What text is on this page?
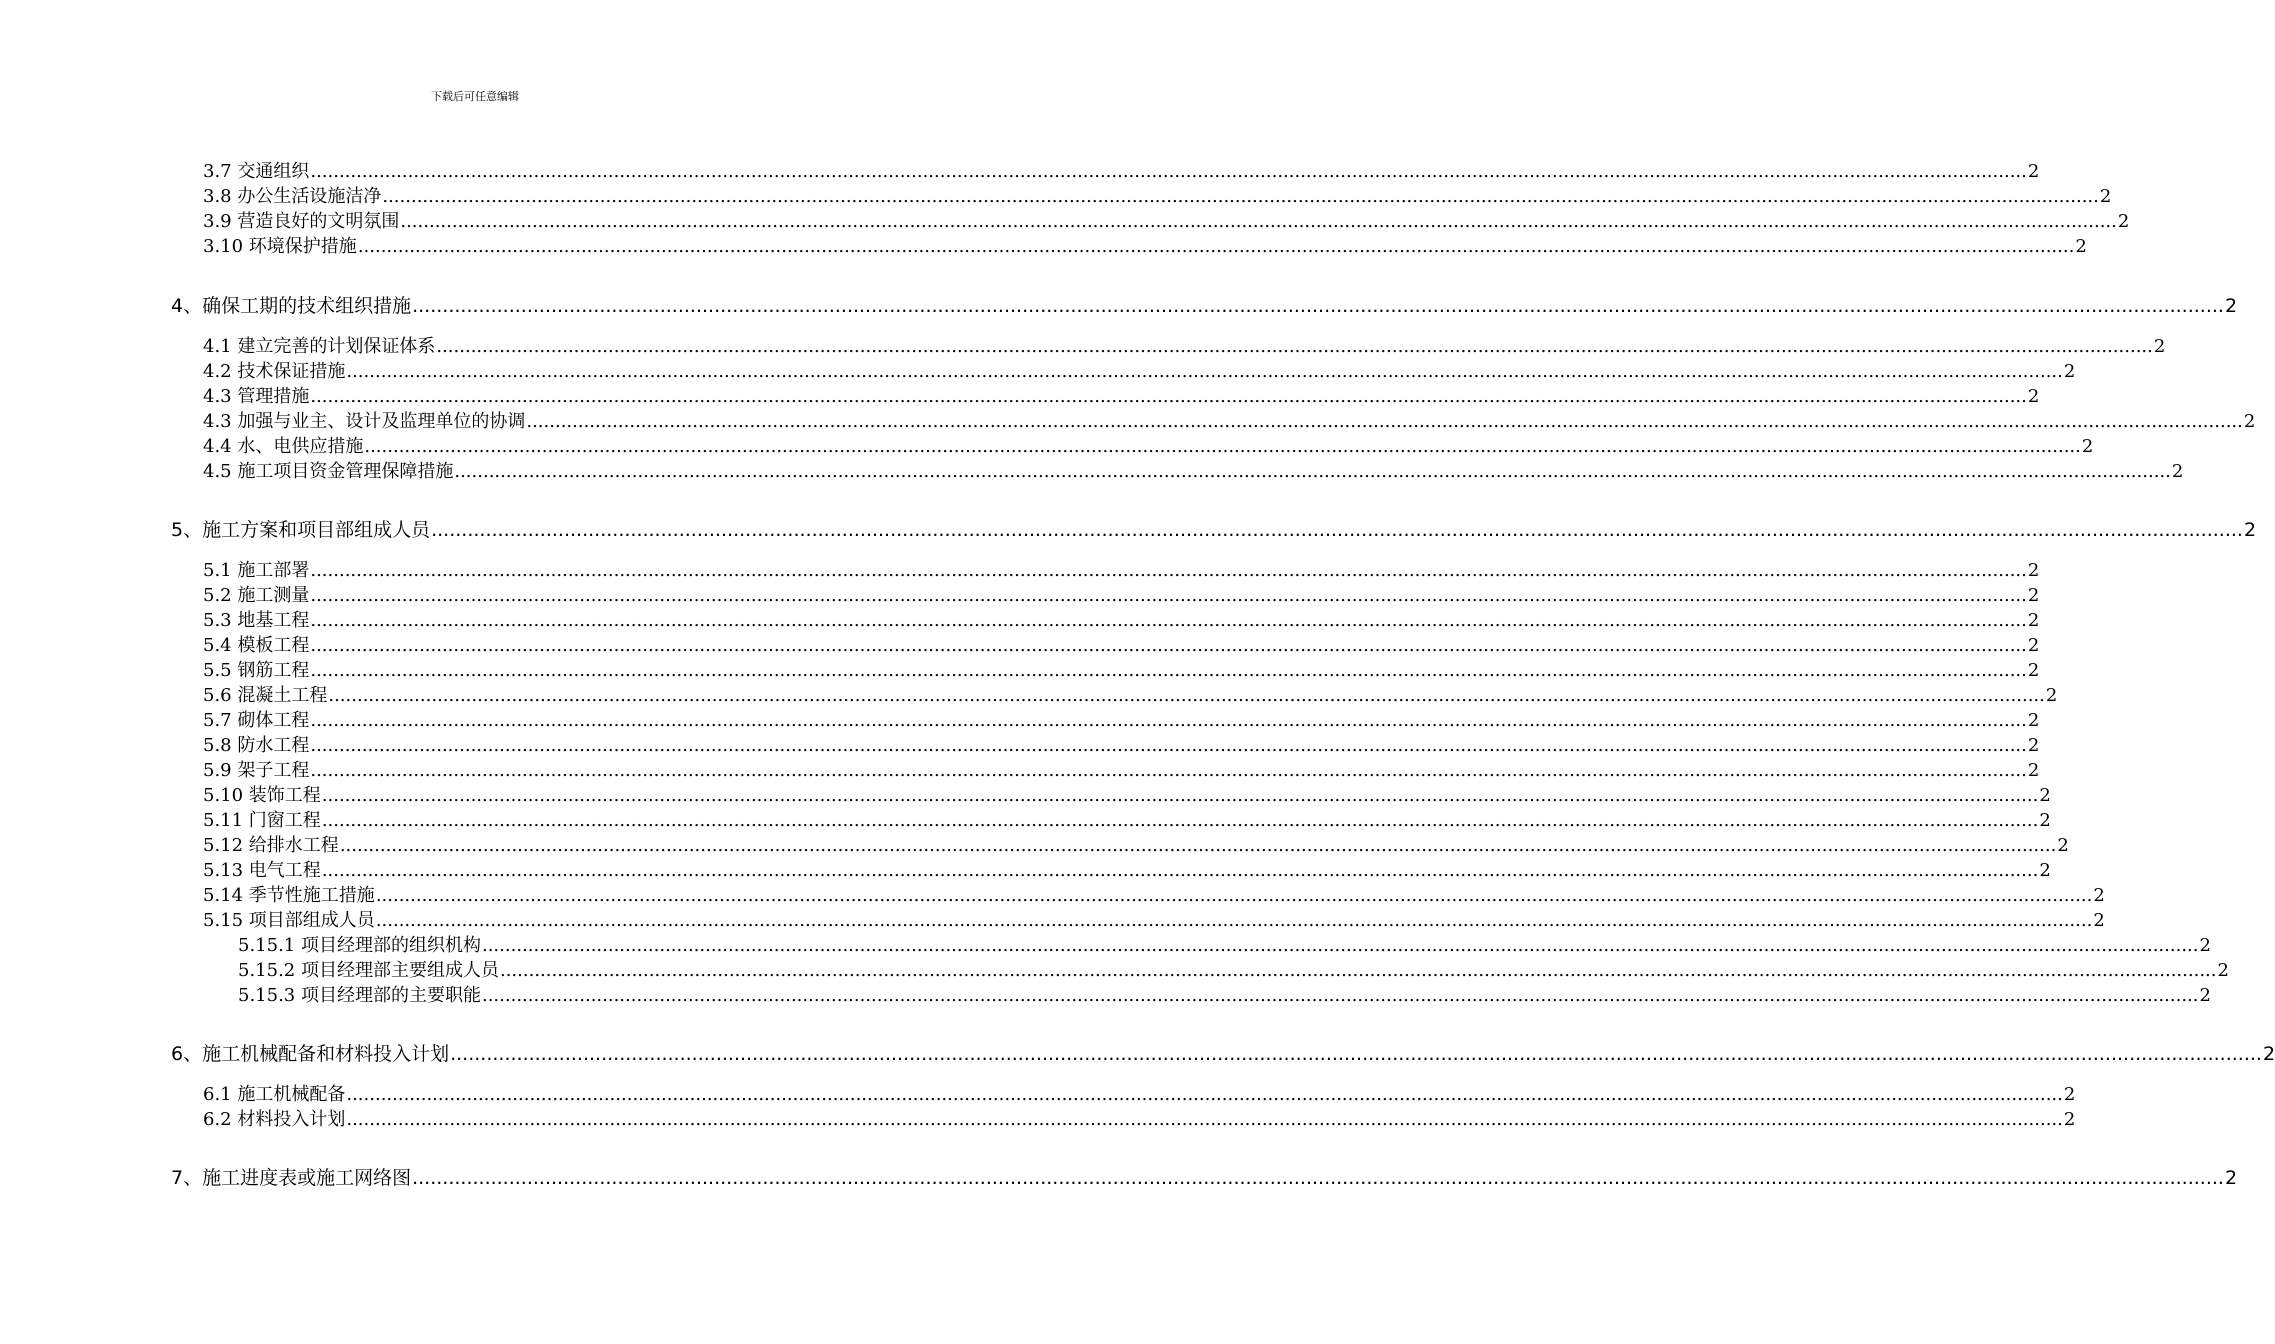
下载后可任意编辑
3.7 交通组织 ............................................................................................................................................................................................................................................................................................................ 2
3.8 办公生活设施洁净 ............................................................................................................................................................................................................................................................................................................ 2
3.9 营造良好的文明氛围 ............................................................................................................................................................................................................................................................................................................ 2
3.10 环境保护措施 ............................................................................................................................................................................................................................................................................................................ 2
4、确保工期的技术组织措施 ............................................................................................................................................................................................................................................................................................................ 2
4.1 建立完善的计划保证体系 ............................................................................................................................................................................................................................................................................................................ 2
4.2 技术保证措施 ............................................................................................................................................................................................................................................................................................................ 2
4.3 管理措施 ............................................................................................................................................................................................................................................................................................................ 2
4.3 加强与业主、设计及监理单位的协调 ............................................................................................................................................................................................................................................................................................................ 2
4.4 水、电供应措施 ............................................................................................................................................................................................................................................................................................................ 2
4.5 施工项目资金管理保障措施 ............................................................................................................................................................................................................................................................................................................ 2
5、施工方案和项目部组成人员 ............................................................................................................................................................................................................................................................................................................ 2
5.1 施工部署 ............................................................................................................................................................................................................................................................................................................ 2
5.2 施工测量 ............................................................................................................................................................................................................................................................................................................ 2
5.3 地基工程 ............................................................................................................................................................................................................................................................................................................ 2
5.4 模板工程 ............................................................................................................................................................................................................................................................................................................ 2
5.5 钢筋工程 ............................................................................................................................................................................................................................................................................................................ 2
5.6 混凝土工程 ............................................................................................................................................................................................................................................................................................................ 2
5.7 砌体工程 ............................................................................................................................................................................................................................................................................................................ 2
5.8 防水工程 ............................................................................................................................................................................................................................................................................................................ 2
5.9 架子工程 ............................................................................................................................................................................................................................................................................................................ 2
5.10 装饰工程 ............................................................................................................................................................................................................................................................................................................ 2
5.11 门窗工程 ............................................................................................................................................................................................................................................................................................................ 2
5.12 给排水工程 ............................................................................................................................................................................................................................................................................................................ 2
5.13 电气工程 ............................................................................................................................................................................................................................................................................................................ 2
5.14 季节性施工措施 ............................................................................................................................................................................................................................................................................................................ 2
5.15 项目部组成人员 ............................................................................................................................................................................................................................................................................................................ 2
5.15.1 项目经理部的组织机构 ............................................................................................................................................................................................................................................................................................................ 2
5.15.2 项目经理部主要组成人员 ............................................................................................................................................................................................................................................................................................................ 2
5.15.3 项目经理部的主要职能 ............................................................................................................................................................................................................................................................................................................ 2
6、施工机械配备和材料投入计划 ............................................................................................................................................................................................................................................................................................................ 2
6.1 施工机械配备 ............................................................................................................................................................................................................................................................................................................ 2
6.2 材料投入计划 ............................................................................................................................................................................................................................................................................................................ 2
7、施工进度表或施工网络图 ............................................................................................................................................................................................................................................................................................................ 2
